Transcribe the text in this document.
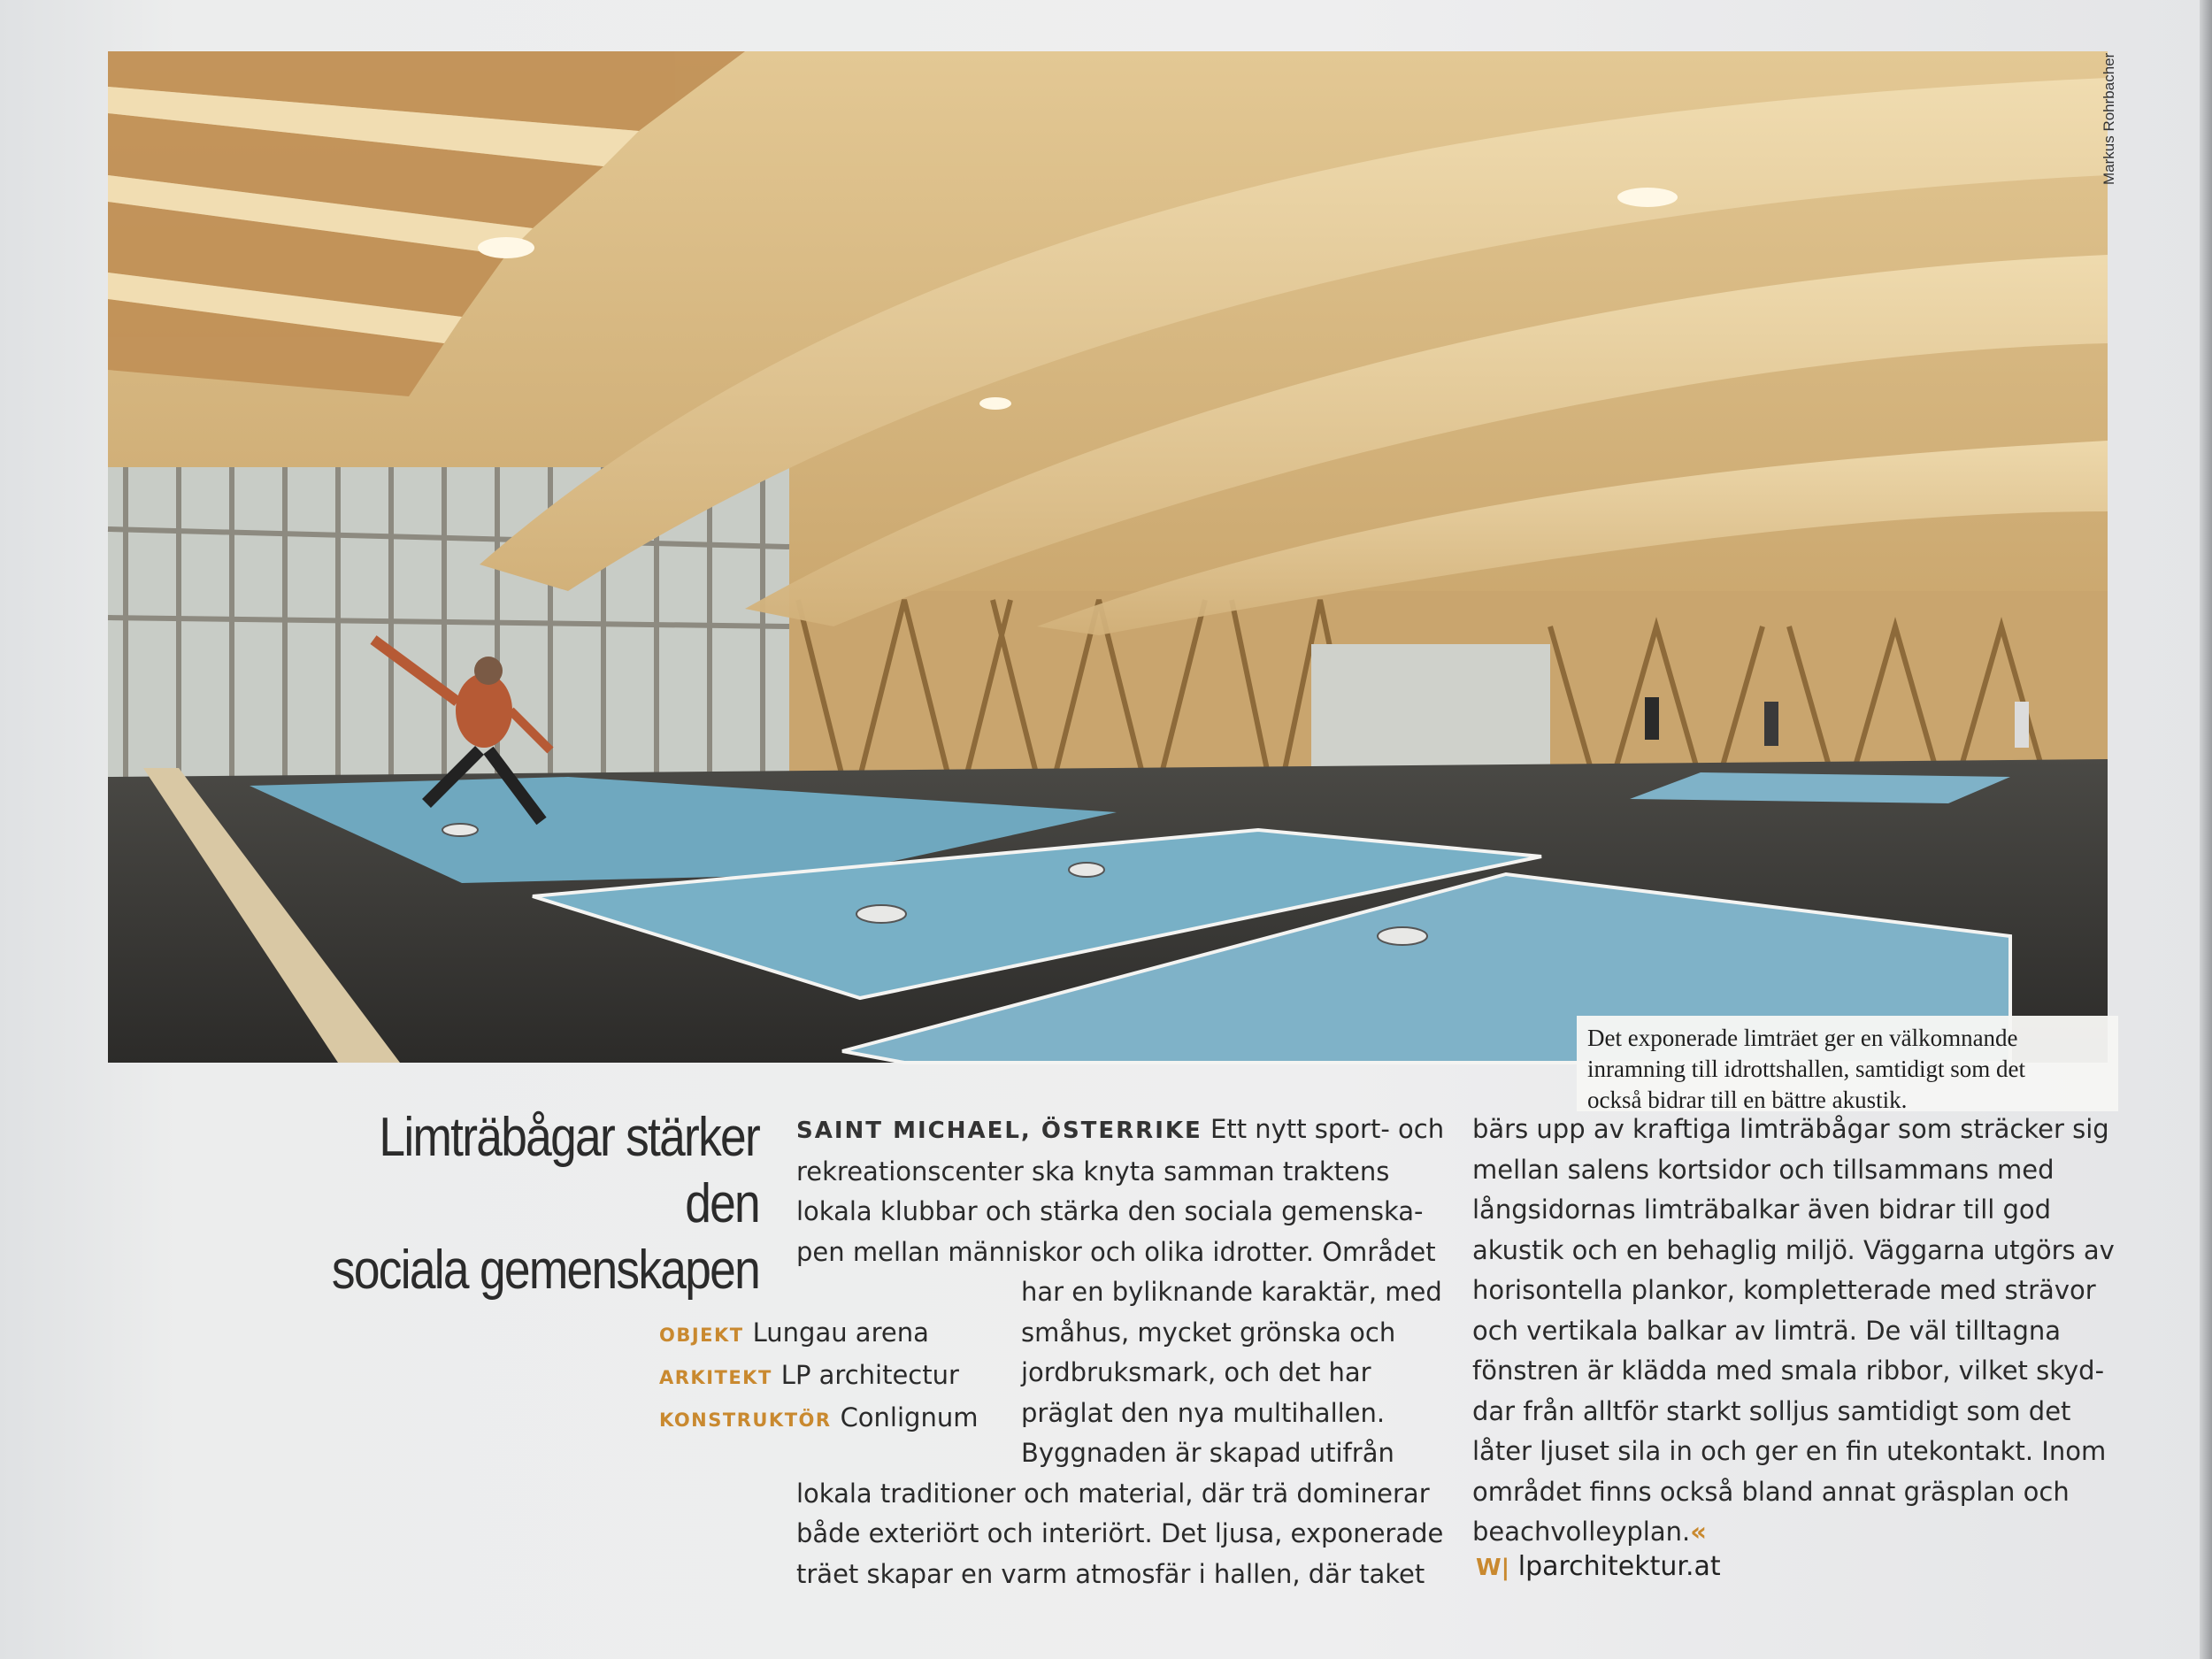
Det exponerade limträet ger en välkomnande
inramning till idrottshallen, samtidigt som det
också bidrar till en bättre akustik.
Markus Rohrbacher
Limträbågar stärker den
sociala gemenskapen

SAINT MICHAEL, ÖSTERRIKE Ett nytt sport- och

rekreationscenter ska knyta samman traktens

lokala klubbar och stärka den sociala gemenska-

pen mellan människor och olika idrotter. Området

har en byliknande karaktär, med

småhus, mycket grönska och

jordbruksmark, och det har

präglat den nya multihallen.

Byggnaden är skapad utifrån

lokala traditioner och material, där trä dominerar

både exteriört och interiört. Det ljusa, exponerade

träet skapar en varm atmosfär i hallen, där taket

OBJEKT Lungau arena
ARKITEKT LP architectur
KONSTRUKTÖR Conlignum

bärs upp av kraftiga limträbågar som sträcker sig

mellan salens kortsidor och tillsammans med

långsidornas limträbalkar även bidrar till god

akustik och en behaglig miljö. Väggarna utgörs av

horisontella plankor, kompletterade med strävor

och vertikala balkar av limträ. De väl tilltagna

fönstren är klädda med smala ribbor, vilket skyd-

dar från alltför starkt solljus samtidigt som det

låter ljuset sila in och ger en fin utekontakt. Inom

området finns också bland annat gräsplan och

beachvolleyplan.«

W| lparchitektur.at
